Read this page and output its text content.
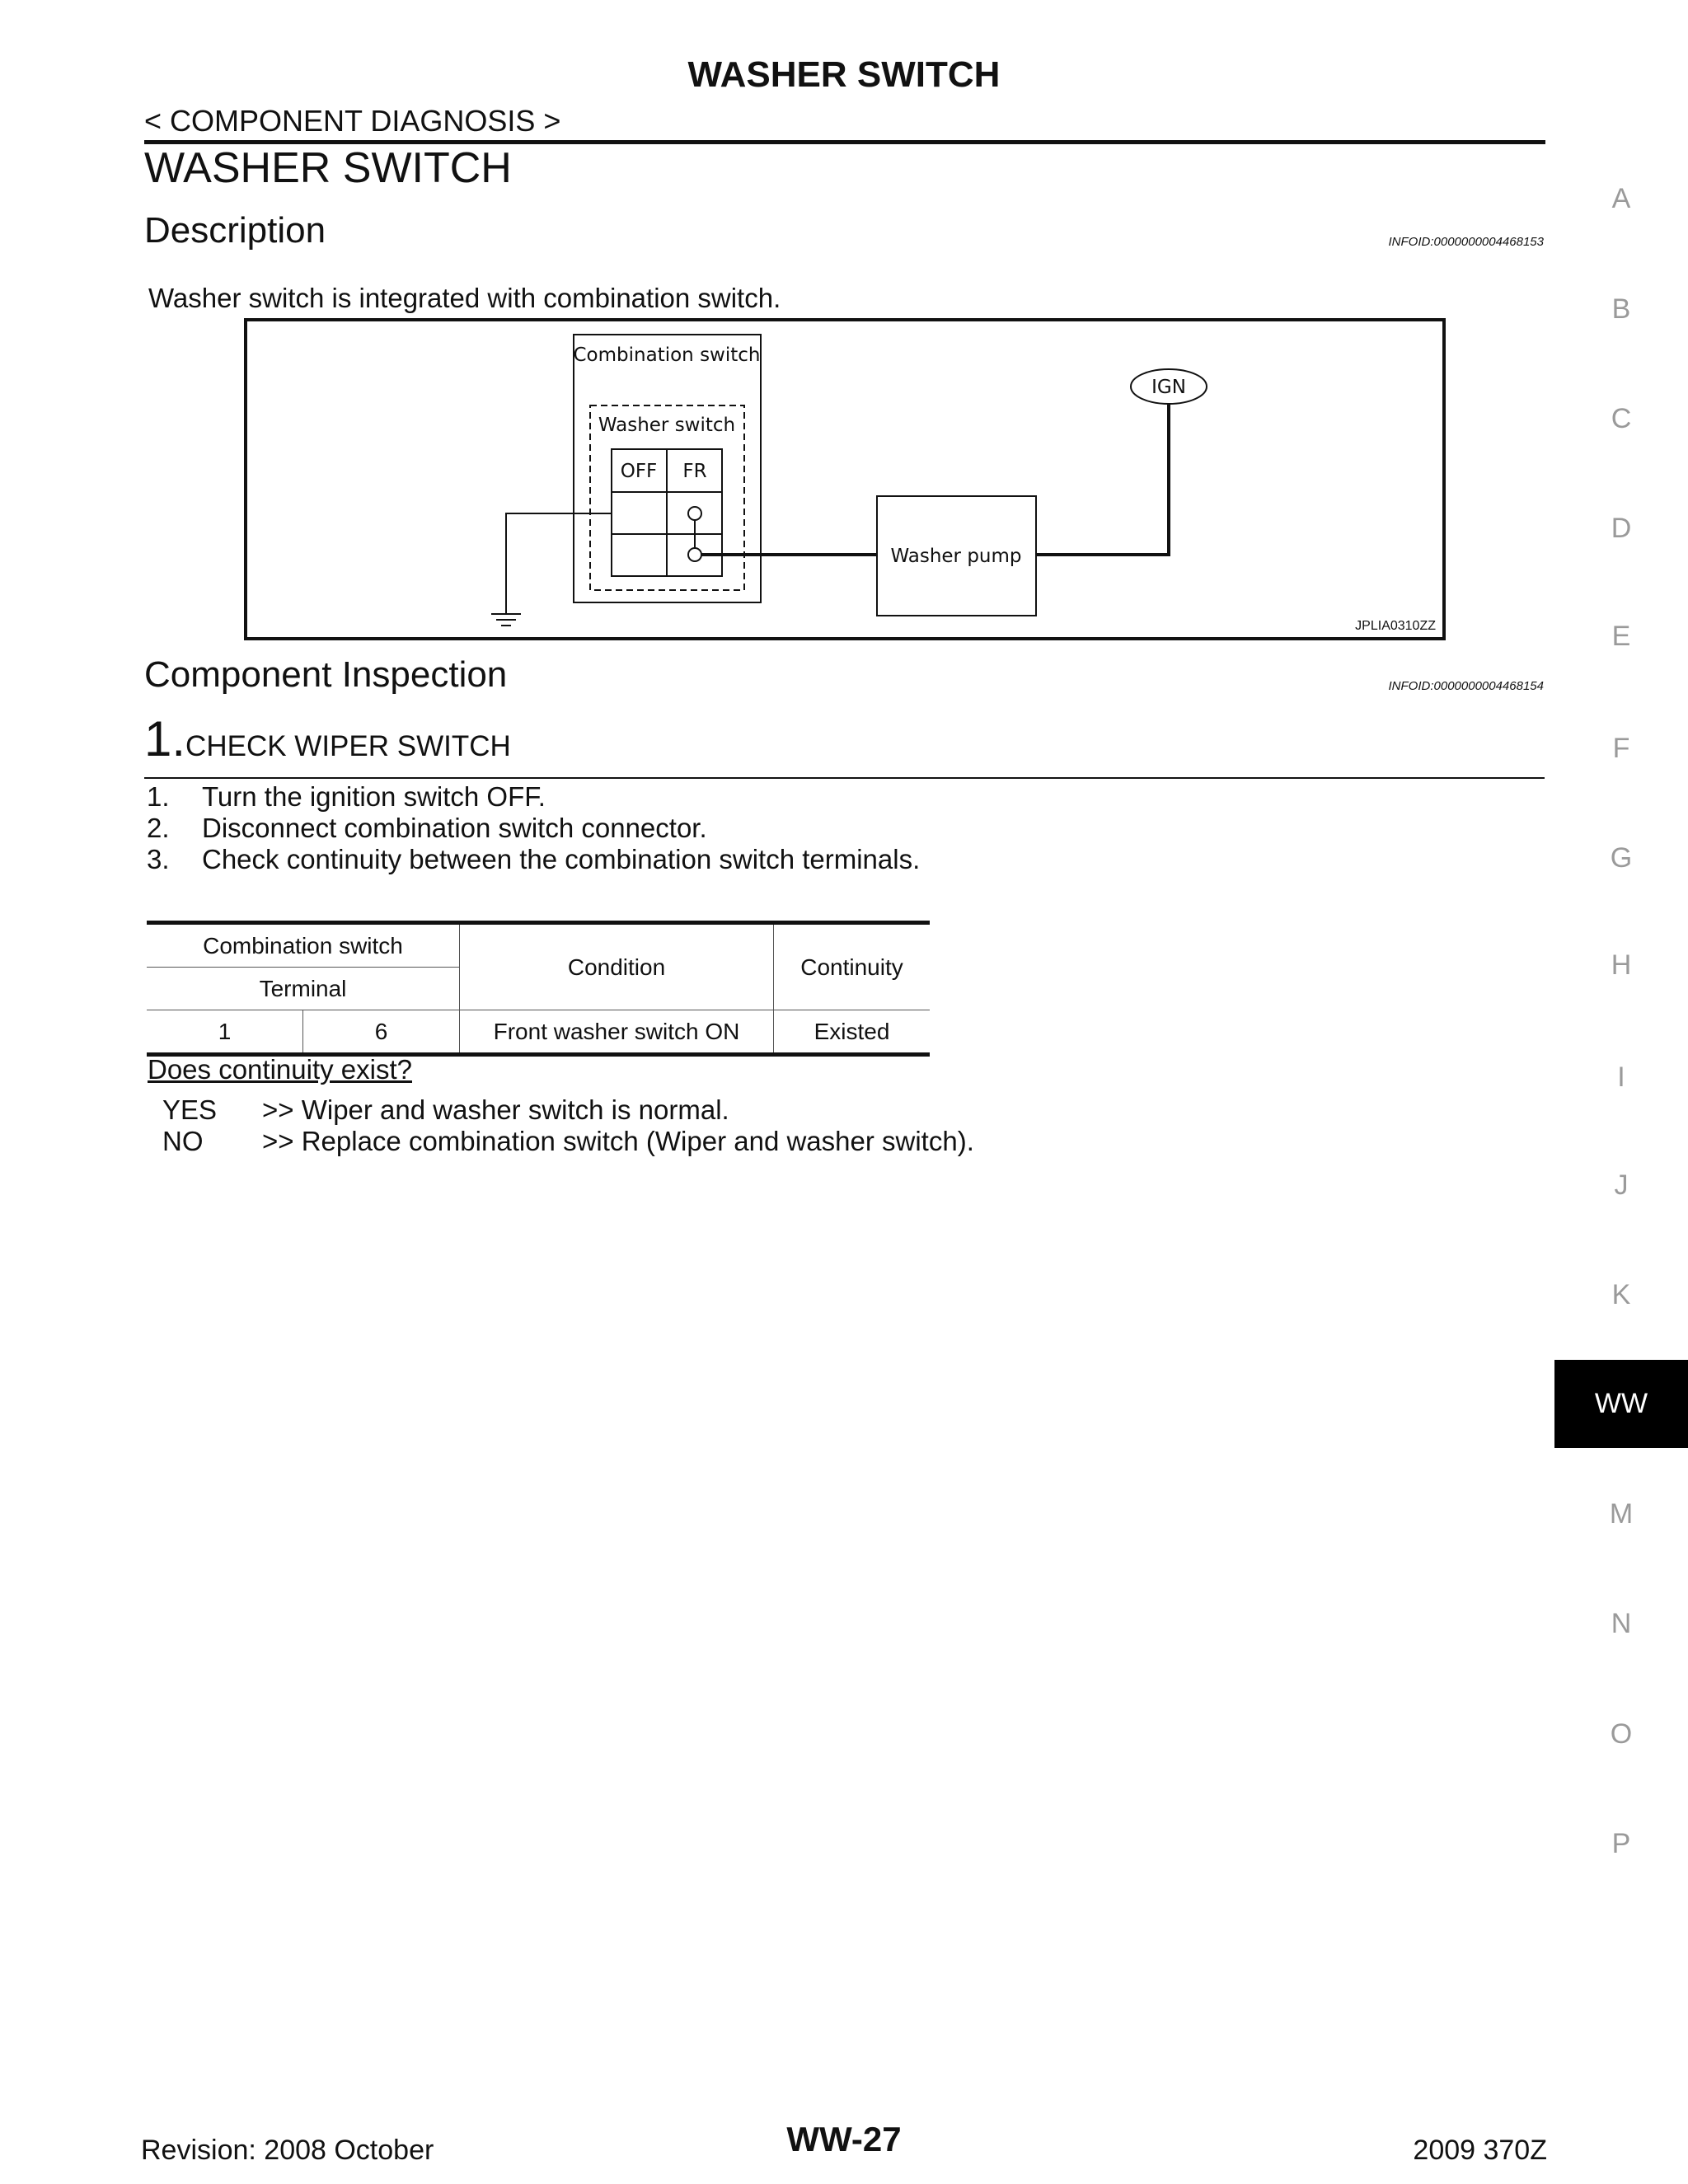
WASHER SWITCH
< COMPONENT DIAGNOSIS >
WASHER SWITCH
Description	INFOID:0000000004468153
Washer switch is integrated with combination switch.
Combination switch
Washer switch
OFF FR
IGN
Washer pump
JPLIA0310ZZ
Component Inspection	INFOID:0000000004468154
1.CHECK WIPER SWITCH
1. Turn the ignition switch OFF.
2. Disconnect combination switch connector.
3. Check continuity between the combination switch terminals.
Combination switch		Condition	Continuity
Terminal			
1	6	Front washer switch ON	Existed
Does continuity exist?
YES >> Wiper and washer switch is normal.
NO >> Replace combination switch (Wiper and washer switch).
A
B
C
D
E
F
G
H
I
J
K
WW
M
N
O
P
Revision: 2008 October	WW-27	2009 370Z
